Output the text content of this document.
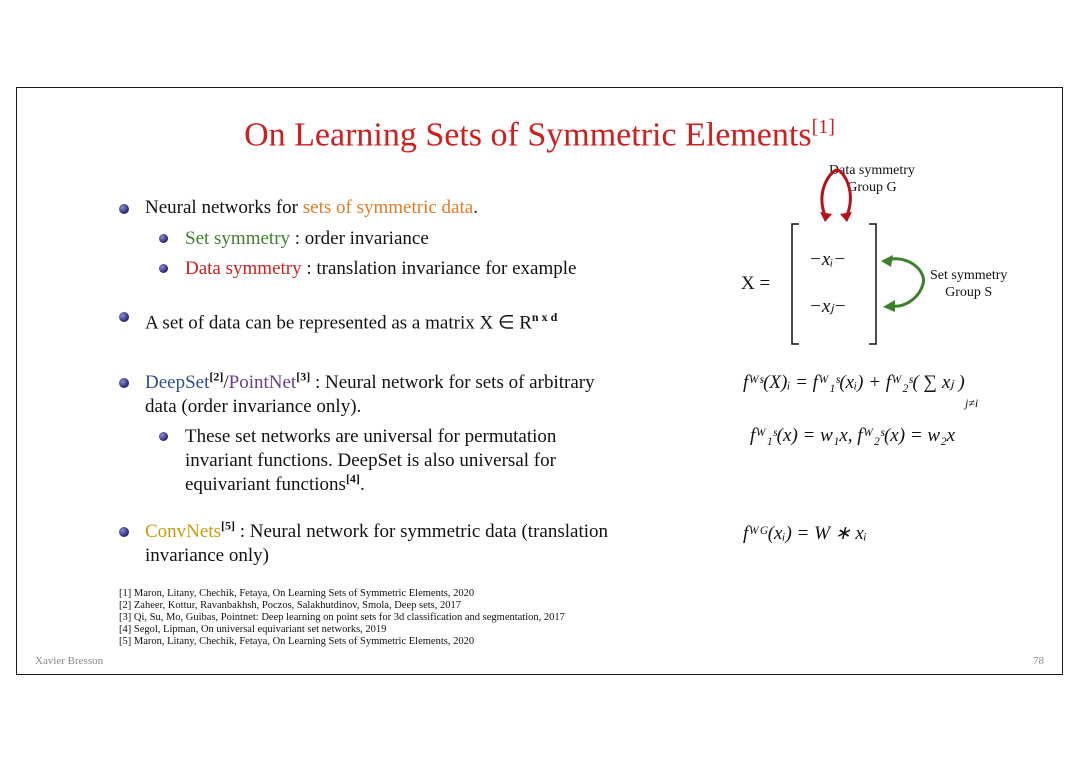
On Learning Sets of Symmetric Elements[1]
Neural networks for sets of symmetric data.
Set symmetry : order invariance
Data symmetry : translation invariance for example
A set of data can be represented as a matrix X ∈ $R^{n x d}$
DeepSet[2]/PointNet[3] : Neural network for sets of arbitrary
data (order invariance only).
These set networks are universal for permutation
invariant functions. DeepSet is also universal for
equivariant functions[4].
ConvNets[5] : Neural network for symmetric data (translation
invariance only)
Data symmetry
Group G
X =
−xᵢ−
−xⱼ−
Set symmetry
Group S
fᵂˢ(X)ᵢ = fᵂ₁ˢ(xᵢ) + fᵂ₂ˢ( ∑ xⱼ )
j≠i
fᵂ₁ˢ(x) = w₁x, fᵂ₂ˢ(x) = w₂x
fᵂᴳ(xᵢ) = W ∗ xᵢ
[1] Maron, Litany, Chechik, Fetaya, On Learning Sets of Symmetric Elements, 2020
[2] Zaheer, Kottur, Ravanbakhsh, Poczos, Salakhutdinov, Smola, Deep sets, 2017
[3] Qi, Su, Mo, Guibas, Pointnet: Deep learning on point sets for 3d classification and segmentation, 2017
[4] Segol, Lipman, On universal equivariant set networks, 2019
[5] Maron, Litany, Chechik, Fetaya, On Learning Sets of Symmetric Elements, 2020
Xavier Bresson	78
